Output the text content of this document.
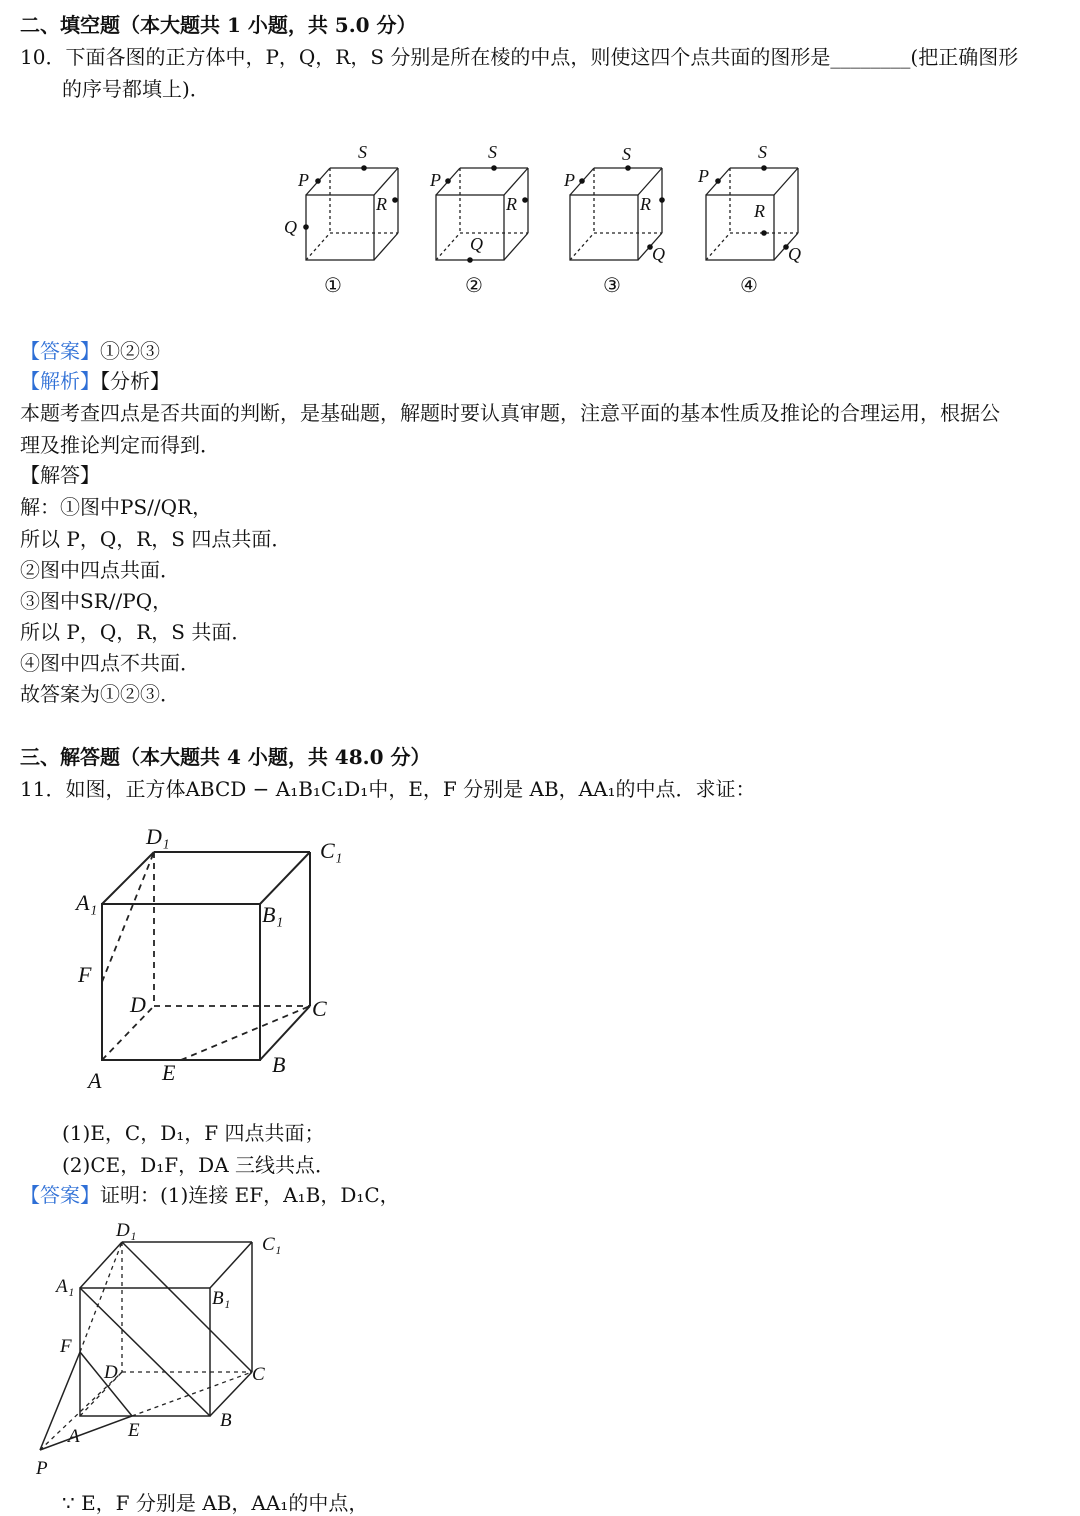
二、填空题（本大题共 1 小题，共 5.0 分）
10．下面各图的正方体中，P，Q，R，S 分别是所在棱的中点，则使这四个点共面的图形是________(把正确图形
的序号都填上)．
P
S
R
Q
P
S
R
Q
P
S
R
Q
P
S
R
Q
①	②	③	④
【答案】①②③
【解析】【分析】
本题考查四点是否共面的判断，是基础题，解题时要认真审题，注意平面的基本性质及推论的合理运用，根据公
理及推论判定而得到．
【解答】
解：①图中PS//QR，
所以 P，Q，R，S 四点共面．
②图中四点共面．
③图中SR//PQ，
所以 P，Q，R，S 共面．
④图中四点不共面．
故答案为①②③．
三、解答题（本大题共 4 小题，共 48.0 分）
11．如图，正方体ABCD − A₁B₁C₁D₁中，E，F 分别是 AB，AA₁的中点．求证：
D₁
C₁
A₁	B₁
F
D	C
A	E	B
(1)E，C，D₁，F 四点共面；
(2)CE，D₁F，DA 三线共点．
【答案】证明：(1)连接 EF，A₁B，D₁C，
D₁
C₁
A₁
B₁
F
D	C
E
A
B
P
∵ E，F 分别是 AB，AA₁的中点，
